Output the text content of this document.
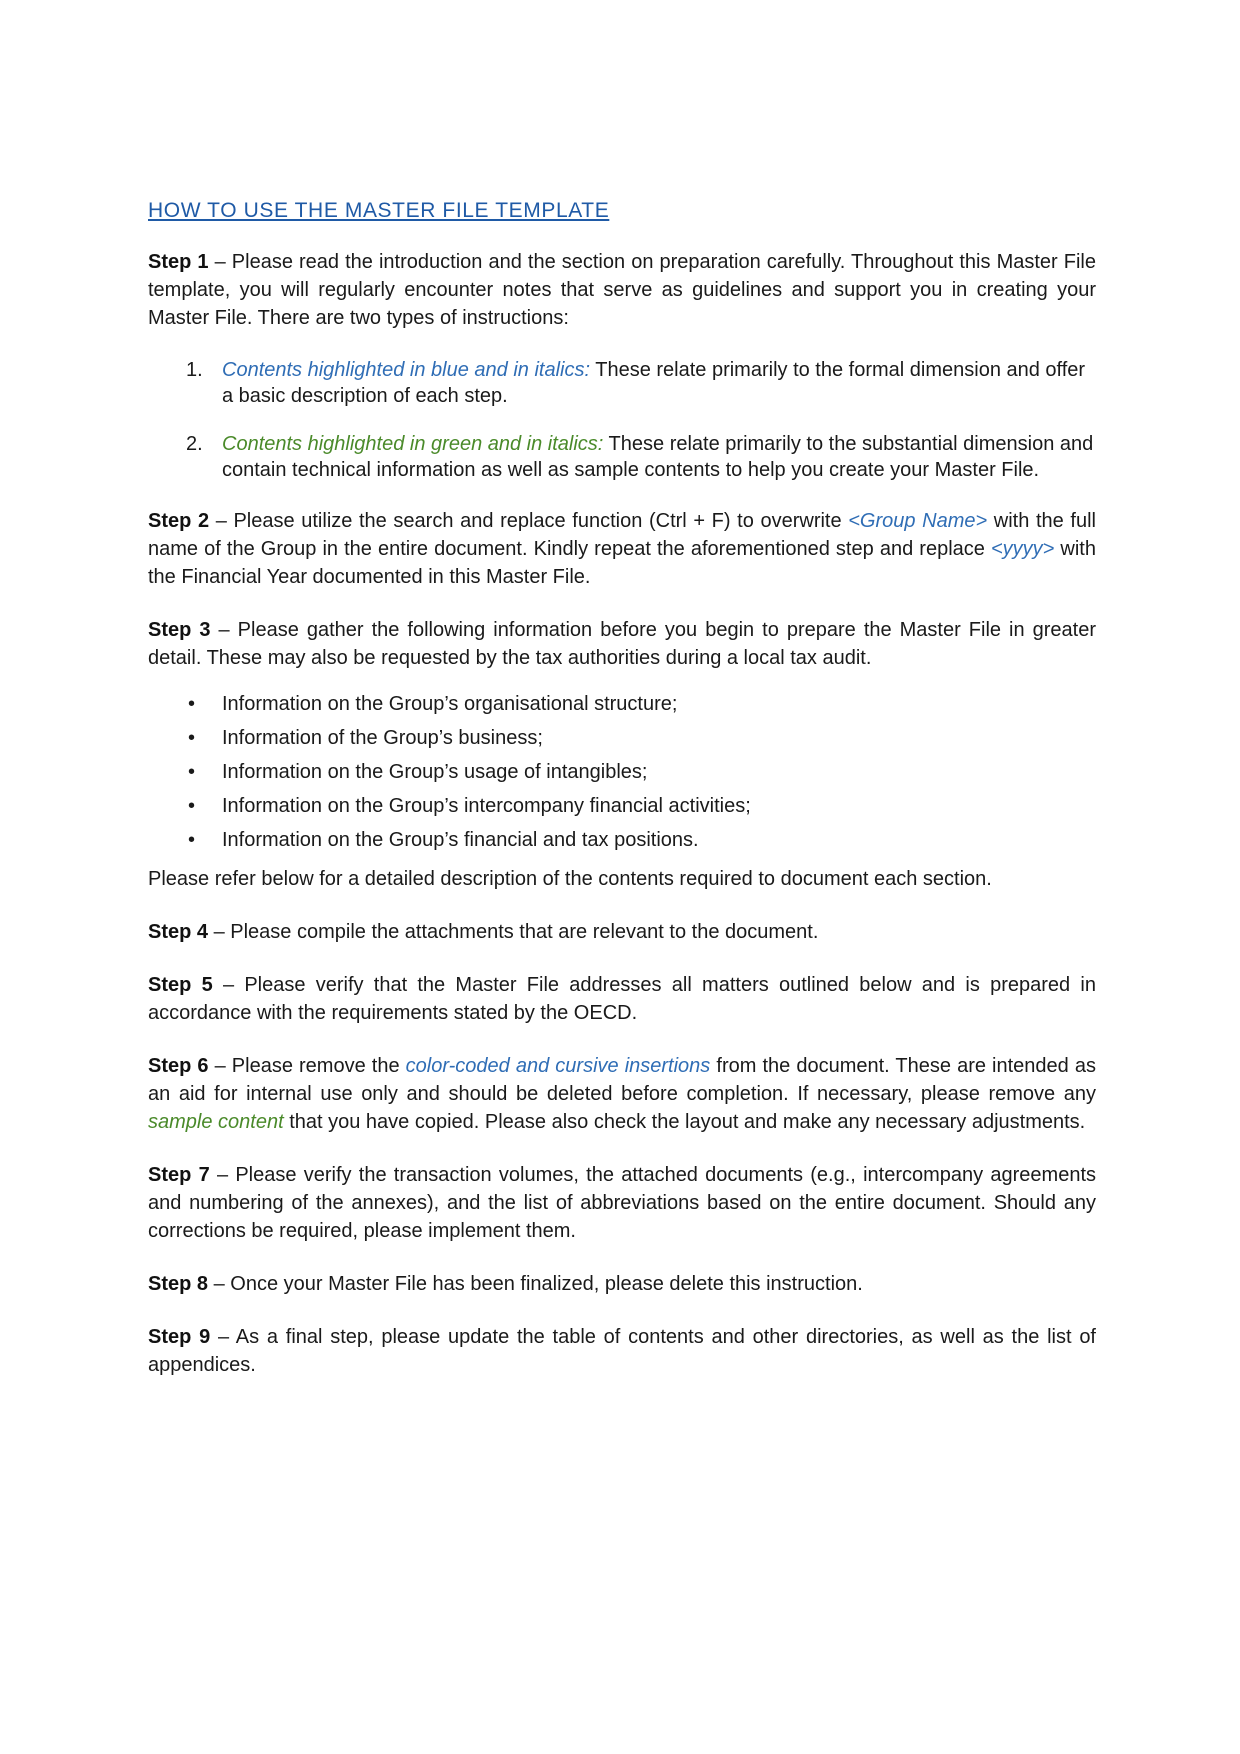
HOW TO USE THE MASTER FILE TEMPLATE

Step 1 – Please read the introduction and the section on preparation carefully. Throughout this Master File template, you will regularly encounter notes that serve as guidelines and support you in creating your Master File. There are two types of instructions:

1. Contents highlighted in blue and in italics: These relate primarily to the formal dimension and offer a basic description of each step.
2. Contents highlighted in green and in italics: These relate primarily to the substantial dimension and contain technical information as well as sample contents to help you create your Master File.

Step 2 – Please utilize the search and replace function (Ctrl + F) to overwrite <Group Name> with the full name of the Group in the entire document. Kindly repeat the aforementioned step and replace <yyyy> with the Financial Year documented in this Master File.

Step 3 – Please gather the following information before you begin to prepare the Master File in greater detail. These may also be requested by the tax authorities during a local tax audit.

• Information on the Group’s organisational structure;
• Information of the Group’s business;
• Information on the Group’s usage of intangibles;
• Information on the Group’s intercompany financial activities;
• Information on the Group’s financial and tax positions.

Please refer below for a detailed description of the contents required to document each section.

Step 4 – Please compile the attachments that are relevant to the document.

Step 5 – Please verify that the Master File addresses all matters outlined below and is prepared in accordance with the requirements stated by the OECD.

Step 6 – Please remove the color-coded and cursive insertions from the document. These are intended as an aid for internal use only and should be deleted before completion. If necessary, please remove any sample content that you have copied. Please also check the layout and make any necessary adjustments.

Step 7 – Please verify the transaction volumes, the attached documents (e.g., intercompany agreements and numbering of the annexes), and the list of abbreviations based on the entire document. Should any corrections be required, please implement them.

Step 8 – Once your Master File has been finalized, please delete this instruction.

Step 9 – As a final step, please update the table of contents and other directories, as well as the list of appendices.
